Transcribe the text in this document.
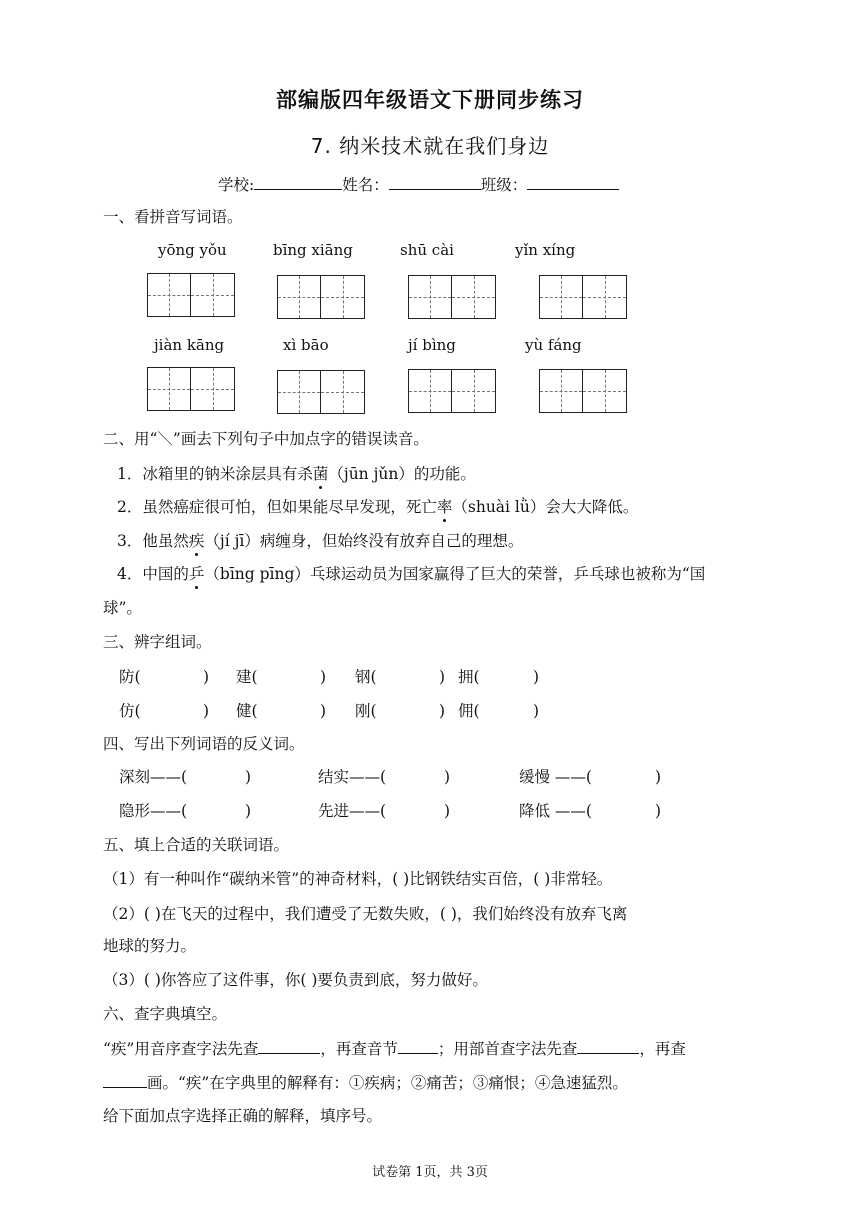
部编版四年级语文下册同步练习
7. 纳米技术就在我们身边
学校:	姓名：	班级：
一、看拼音写词语。
yōng yǒu	bīng xiāng	shū cài	yǐn xíng
jiàn kāng	xì bāo	jí bìng	yù fáng
二、用“＼”画去下列句子中加点字的错误读音。
1．冰箱里的钠米涂层具有杀菌（jūn jǔn）的功能。
2．虽然癌症很可怕，但如果能尽早发现，死亡率（shuài lǜ）会大大降低。
3．他虽然疾（jí jī）病缠身，但始终没有放弃自己的理想。
4．中国的乒（bīng pīng）乓球运动员为国家赢得了巨大的荣誉，乒乓球也被称为“国
球”。
三、辨字组词。
防(	) 建(	) 钢(	) 拥(	)
仿(	) 健(	) 刚(	) 佣(	)
四、写出下列词语的反义词。
深刻——(	)	结实——(	)	缓慢 ——(	)
隐形——(	)	先进——(	)	降低 ——(	)
五、填上合适的关联词语。
（1）有一种叫作“碳纳米管”的神奇材料，( )比钢铁结实百倍，( )非常轻。
（2）( )在飞天的过程中，我们遭受了无数失败，( )，我们始终没有放弃飞离
地球的努力。
（3）( )你答应了这件事，你( )要负责到底，努力做好。
六、查字典填空。
“疾”用音序查字法先查	，再查音节	；用部首查字法先查	，再查
画。“疾”在字典里的解释有：①疾病；②痛苦；③痛恨；④急速猛烈。
给下面加点字选择正确的解释，填序号。
试卷第 1页，共 3页
